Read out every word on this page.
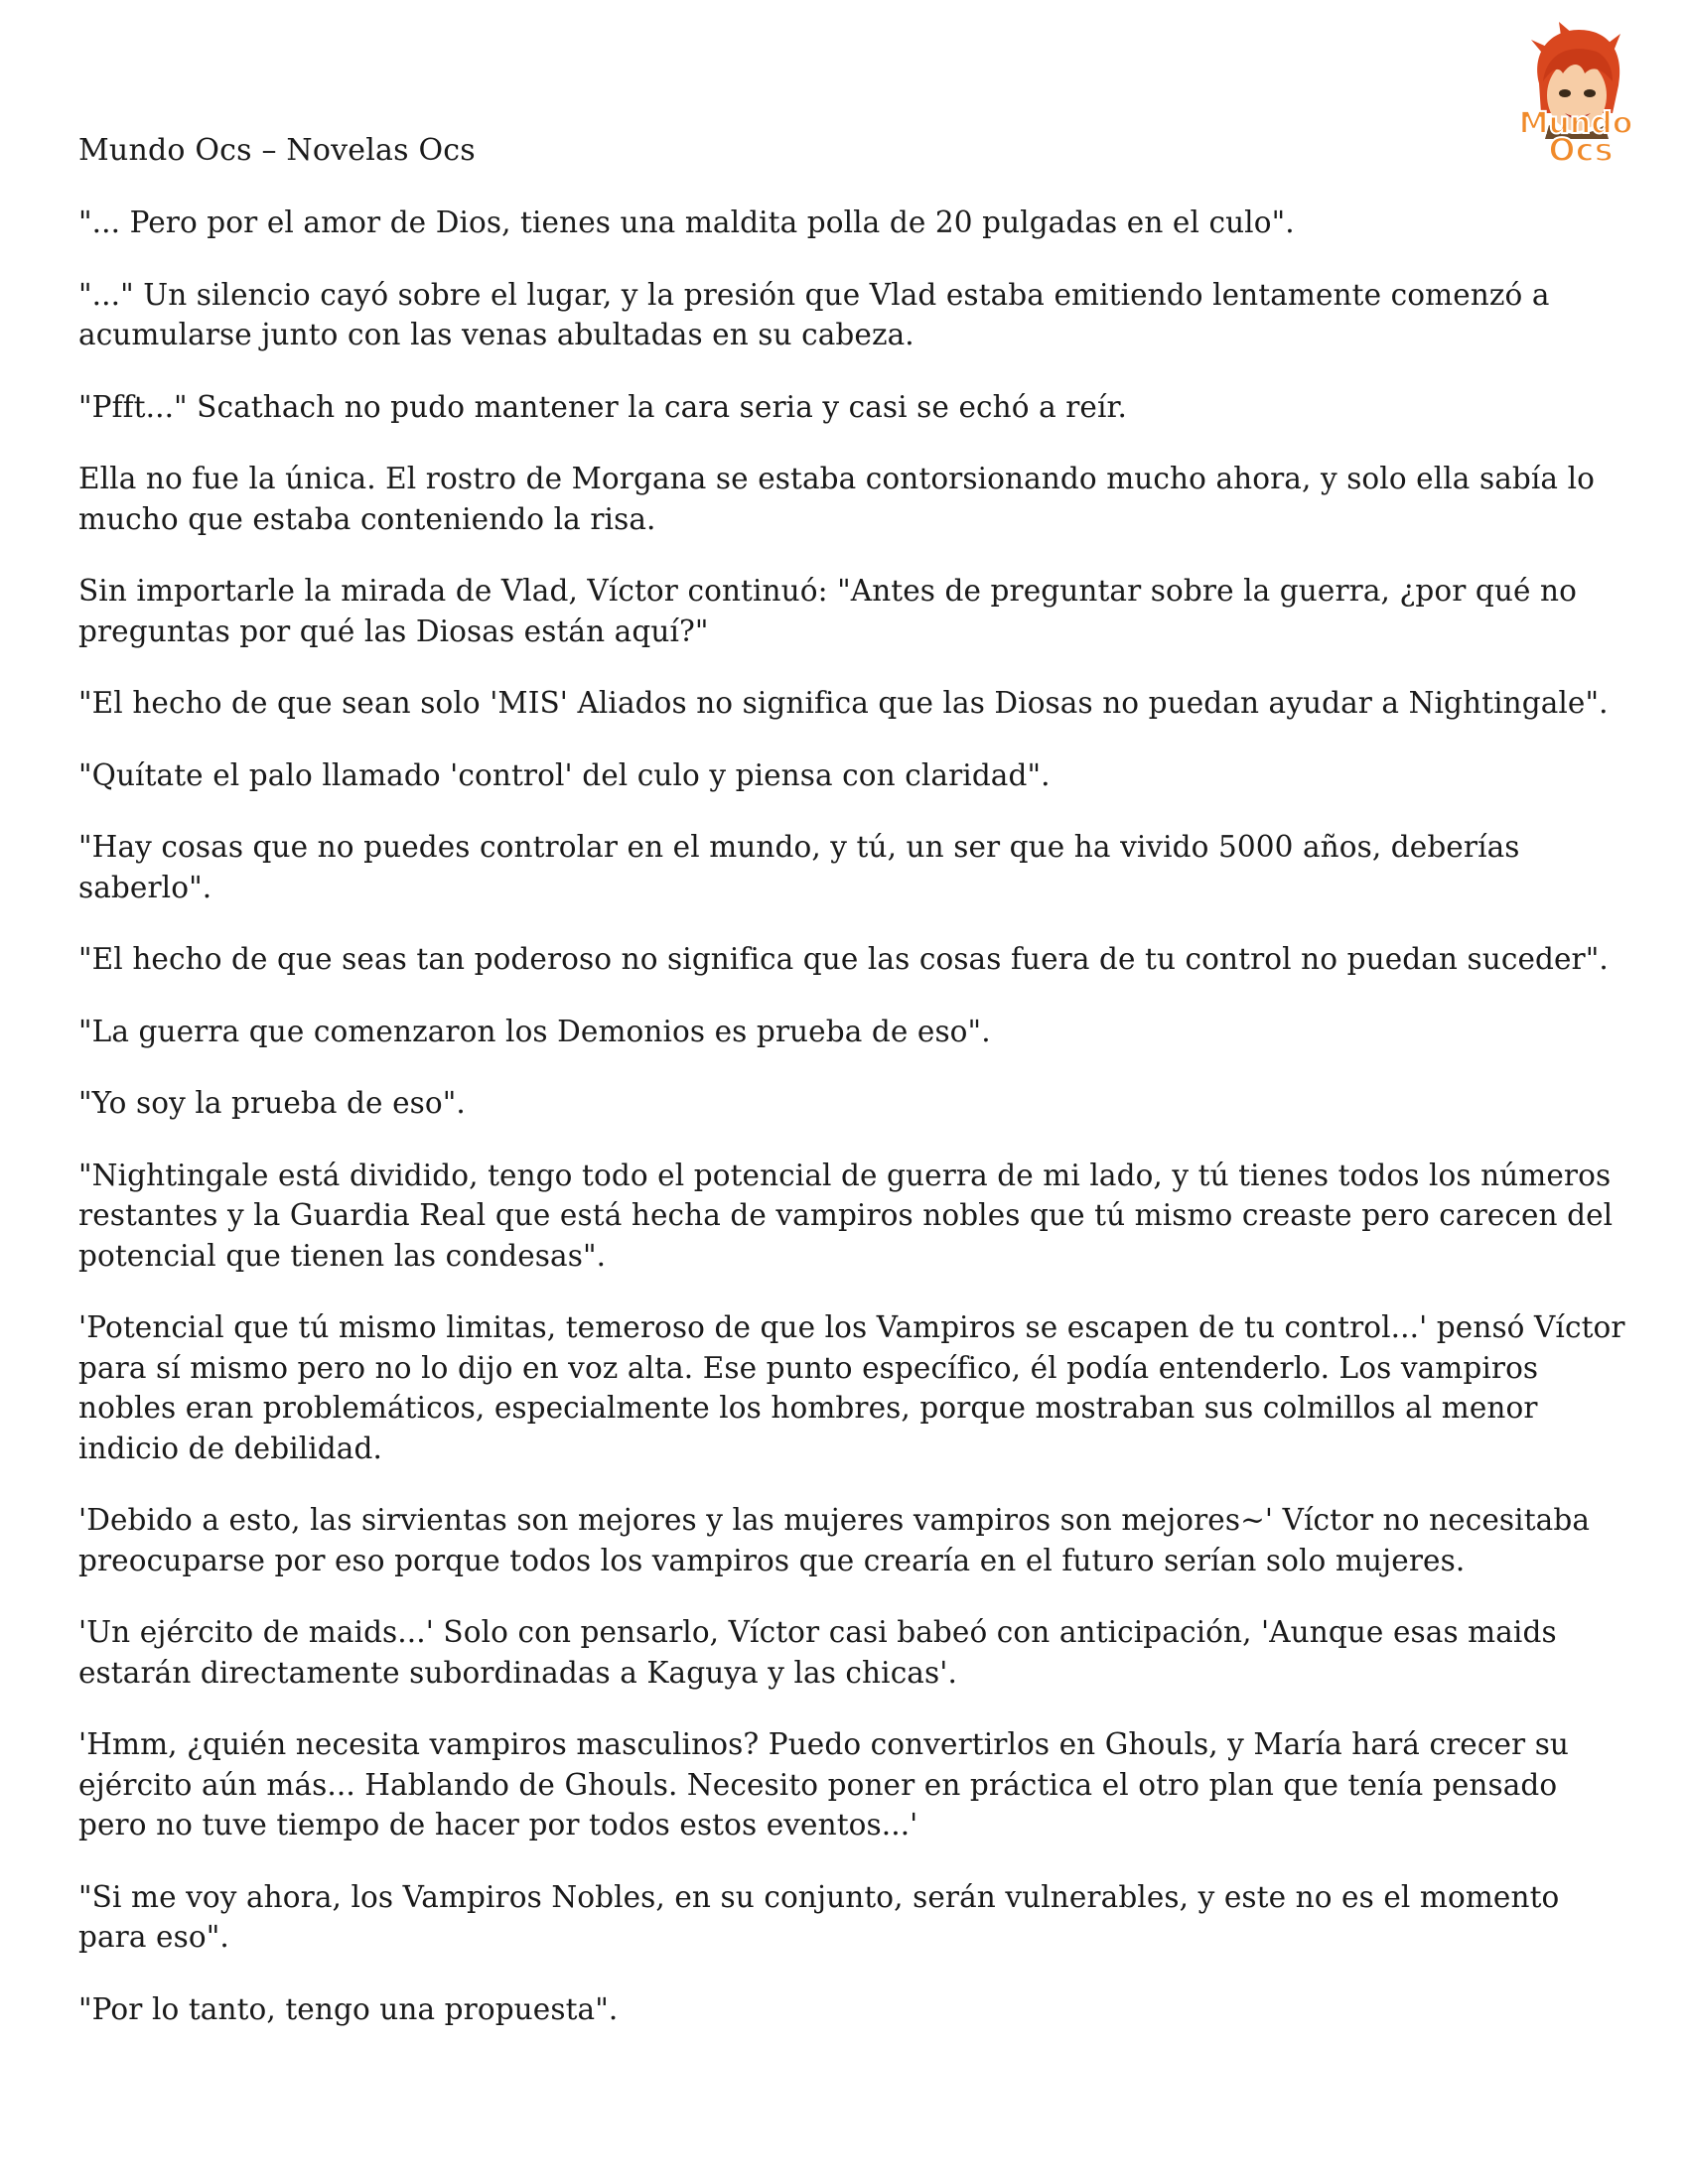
Mundo Ocs – Novelas Ocs
Mundo
Ocs

"... Pero por el amor de Dios, tienes una maldita polla de 20 pulgadas en el culo".

"..." Un silencio cayó sobre el lugar, y la presión que Vlad estaba emitiendo lentamente comenzó a acumularse junto con las venas abultadas en su cabeza.

"Pfft..." Scathach no pudo mantener la cara seria y casi se echó a reír.

Ella no fue la única. El rostro de Morgana se estaba contorsionando mucho ahora, y solo ella sabía lo mucho que estaba conteniendo la risa.

Sin importarle la mirada de Vlad, Víctor continuó: "Antes de preguntar sobre la guerra, ¿por qué no preguntas por qué las Diosas están aquí?"

"El hecho de que sean solo 'MIS' Aliados no significa que las Diosas no puedan ayudar a Nightingale".

"Quítate el palo llamado 'control' del culo y piensa con claridad".

"Hay cosas que no puedes controlar en el mundo, y tú, un ser que ha vivido 5000 años, deberías saberlo".

"El hecho de que seas tan poderoso no significa que las cosas fuera de tu control no puedan suceder".

"La guerra que comenzaron los Demonios es prueba de eso".

"Yo soy la prueba de eso".

"Nightingale está dividido, tengo todo el potencial de guerra de mi lado, y tú tienes todos los números restantes y la Guardia Real que está hecha de vampiros nobles que tú mismo creaste pero carecen del potencial que tienen las condesas".

'Potencial que tú mismo limitas, temeroso de que los Vampiros se escapen de tu control...' pensó Víctor para sí mismo pero no lo dijo en voz alta. Ese punto específico, él podía entenderlo. Los vampiros nobles eran problemáticos, especialmente los hombres, porque mostraban sus colmillos al menor indicio de debilidad.

'Debido a esto, las sirvientas son mejores y las mujeres vampiros son mejores~' Víctor no necesitaba preocuparse por eso porque todos los vampiros que crearía en el futuro serían solo mujeres.

'Un ejército de maids...' Solo con pensarlo, Víctor casi babeó con anticipación, 'Aunque esas maids estarán directamente subordinadas a Kaguya y las chicas'.

'Hmm, ¿quién necesita vampiros masculinos? Puedo convertirlos en Ghouls, y María hará crecer su ejército aún más... Hablando de Ghouls. Necesito poner en práctica el otro plan que tenía pensado pero no tuve tiempo de hacer por todos estos eventos...'

"Si me voy ahora, los Vampiros Nobles, en su conjunto, serán vulnerables, y este no es el momento para eso".

"Por lo tanto, tengo una propuesta".
